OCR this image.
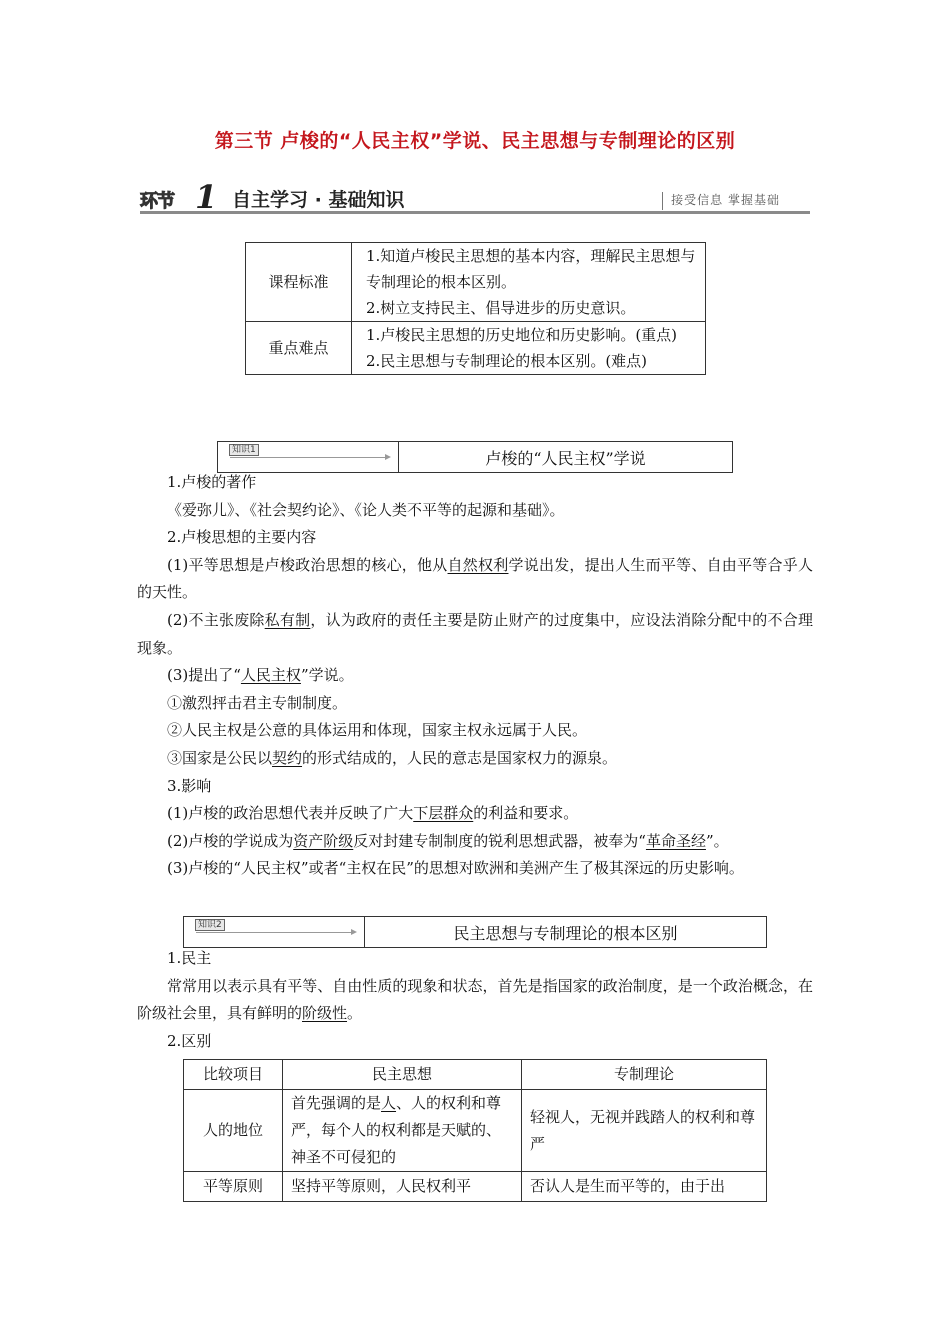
第三节 卢梭的“人民主权”学说、民主思想与专制理论的区别
环节 1 自主学习 · 基础知识	接受信息 掌握基础
课程标准	1.知道卢梭民主思想的基本内容，理解民主思想与专制理论的根本区别。

2.树立支持民主、倡导进步的历史意识。

重点难点	1.卢梭民主思想的历史地位和历史影响。(重点)

2.民主思想与专制理论的根本区别。(难点)

知识1	卢梭的“人民主权”学说

1.卢梭的著作

《爱弥儿》、《社会契约论》、《论人类不平等的起源和基础》。

2.卢梭思想的主要内容

(1)平等思想是卢梭政治思想的核心，他从自然权利学说出发，提出人生而平等、自由平等合乎人的天性。

(2)不主张废除私有制，认为政府的责任主要是防止财产的过度集中，应设法消除分配中的不合理现象。

(3)提出了“人民主权”学说。

①激烈抨击君主专制制度。

②人民主权是公意的具体运用和体现，国家主权永远属于人民。

③国家是公民以契约的形式结成的，人民的意志是国家权力的源泉。

3.影响

(1)卢梭的政治思想代表并反映了广大下层群众的利益和要求。

(2)卢梭的学说成为资产阶级反对封建专制制度的锐利思想武器，被奉为“革命圣经”。

(3)卢梭的“人民主权”或者“主权在民”的思想对欧洲和美洲产生了极其深远的历史影响。

知识2	民主思想与专制理论的根本区别

1.民主

常常用以表示具有平等、自由性质的现象和状态，首先是指国家的政治制度，是一个政治概念，在阶级社会里，具有鲜明的阶级性。

2.区别

比较项目	民主思想	专制理论
人的地位	首先强调的是人、人的权利和尊严，每个人的权利都是天赋的、神圣不可侵犯的	轻视人，无视并践踏人的权利和尊严
平等原则	坚持平等原则，人民权利平	否认人是生而平等的，由于出
